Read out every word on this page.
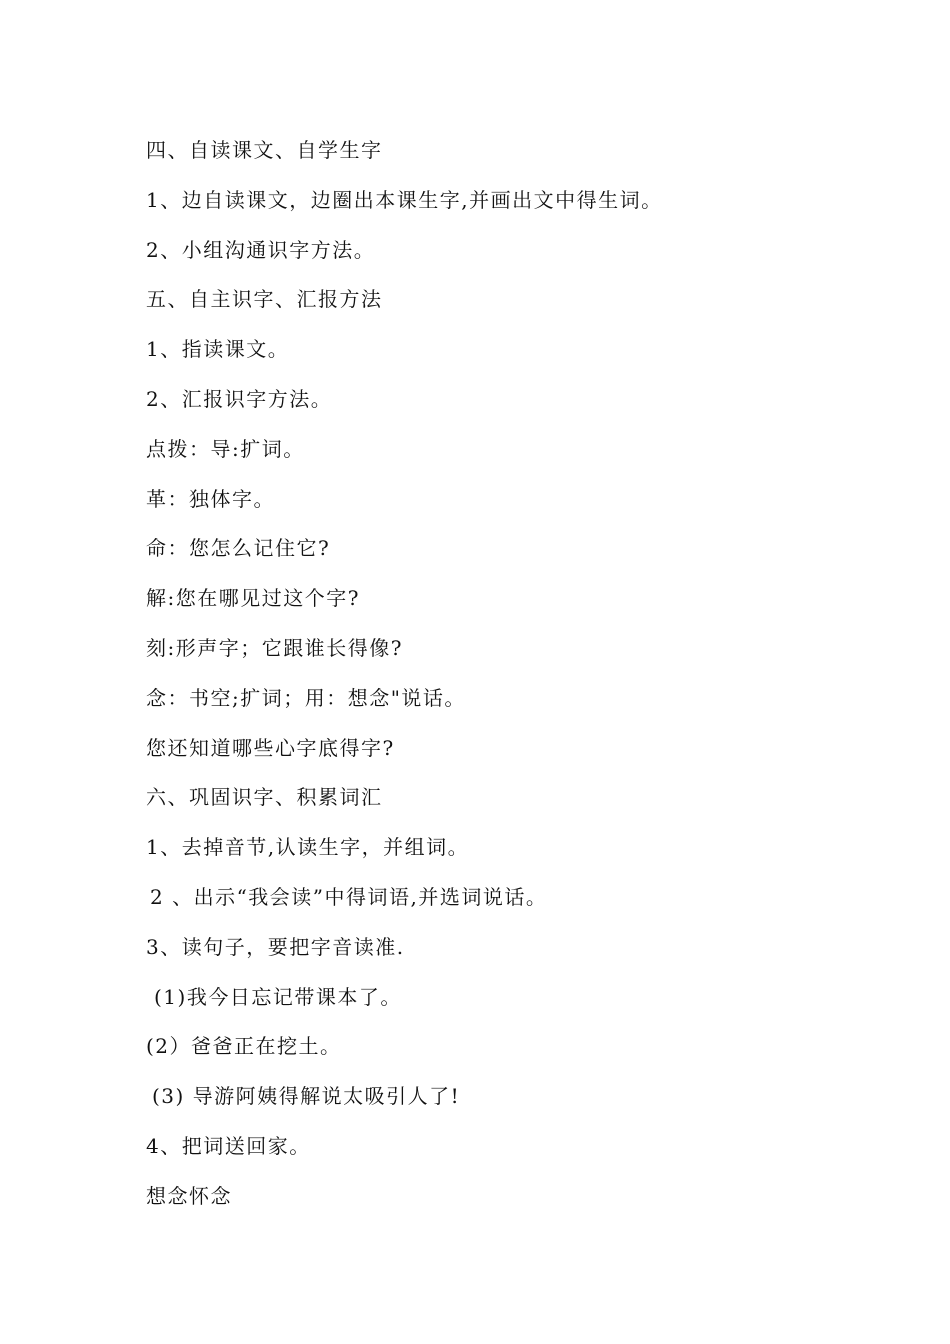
四、自读课文、自学生字
1、边自读课文，边圈出本课生字,并画出文中得生词。
2、小组沟通识字方法。
五、自主识字、汇报方法
1、指读课文。
2、汇报识字方法。
点拨：导:扩词。
革：独体字。
命：您怎么记住它?
解:您在哪见过这个字?
刻:形声字；它跟谁长得像?
念：书空;扩词；用：想念"说话。
您还知道哪些心字底得字?
六、巩固识字、积累词汇
1、去掉音节,认读生字，并组词。
2 、出示“我会读”中得词语,并选词说话。
3、读句子，要把字音读准.
(1)我今日忘记带课本了。
(2）爸爸正在挖土。
(3) 导游阿姨得解说太吸引人了!
4、把词送回家。
想念怀念
